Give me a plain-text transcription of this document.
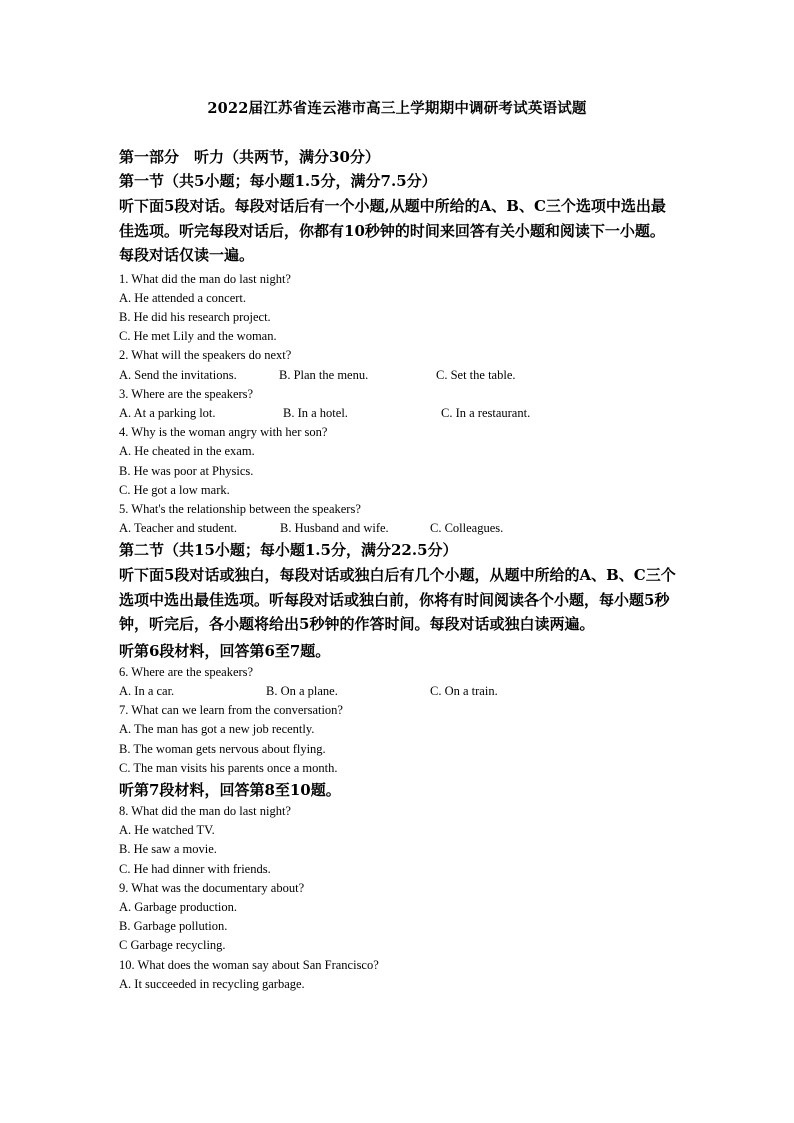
2022届江苏省连云港市高三上学期期中调研考试英语试题
第一部分　听力（共两节，满分30分）
第一节（共5小题；每小题1.5分，满分7.5分）
听下面5段对话。每段对话后有一个小题,从题中所给的A、B、C三个选项中选出最佳选项。听完每段对话后，你都有10秒钟的时间来回答有关小题和阅读下一小题。每段对话仅读一遍。
1. What did the man do last night?
A. He attended a concert.
B. He did his research project.
C. He met Lily and the woman.
2. What will the speakers do next?
A. Send the invitations.	B. Plan the menu.	C. Set the table.
3. Where are the speakers?
A. At a parking lot.	B. In a hotel.	C. In a restaurant.
4. Why is the woman angry with her son?
A. He cheated in the exam.
B. He was poor at Physics.
C. He got a low mark.
5. What's the relationship between the speakers?
A. Teacher and student.	B. Husband and wife.	C. Colleagues.
第二节（共15小题；每小题1.5分，满分22.5分）
听下面5段对话或独白，每段对话或独白后有几个小题，从题中所给的A、B、C三个选项中选出最佳选项。听每段对话或独白前，你将有时间阅读各个小题，每小题5秒钟，听完后，各小题将给出5秒钟的作答时间。每段对话或独白读两遍。
听第6段材料，回答第6至7题。
6. Where are the speakers?
A. In a car.	B. On a plane.	C. On a train.
7. What can we learn from the conversation?
A. The man has got a new job recently.
B. The woman gets nervous about flying.
C. The man visits his parents once a month.
听第7段材料，回答第8至10题。
8. What did the man do last night?
A. He watched TV.
B. He saw a movie.
C. He had dinner with friends.
9. What was the documentary about?
A. Garbage production.
B. Garbage pollution.
C Garbage recycling.
10. What does the woman say about San Francisco?
A. It succeeded in recycling garbage.
